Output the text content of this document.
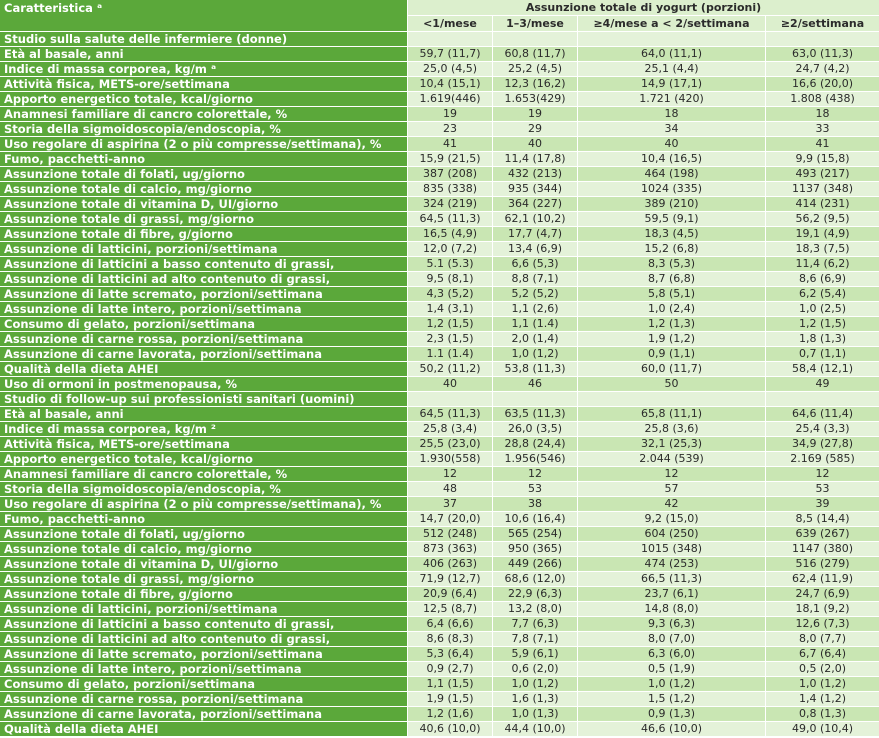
Caratteristica ᵃ	Assunzione totale di yogurt (porzioni)
<1/mese	1–3/mese	≥4/mese a < 2/settimana	≥2/settimana
Studio sulla salute delle infermiere (donne)
Età al basale, anni	59,7 (11,7)	60,8 (11,7)	64,0 (11,1)	63,0 (11,3)
Indice di massa corporea, kg/m ᵃ	25,0 (4,5)	25,2 (4,5)	25,1 (4,4)	24,7 (4,2)
Attività fisica, METS-ore/settimana	10,4 (15,1)	12,3 (16,2)	14,9 (17,1)	16,6 (20,0)
Apporto energetico totale, kcal/giorno	1.619(446)	1.653(429)	1.721 (420)	1.808 (438)
Anamnesi familiare di cancro colorettale, %	19	19	18	18
Storia della sigmoidoscopia/endoscopia, %	23	29	34	33
Uso regolare di aspirina (2 o più compresse/settimana), %	41	40	40	41
Fumo, pacchetti-anno	15,9 (21,5)	11,4 (17,8)	10,4 (16,5)	9,9 (15,8)
Assunzione totale di folati, ug/giorno	387 (208)	432 (213)	464 (198)	493 (217)
Assunzione totale di calcio, mg/giorno	835 (338)	935 (344)	1024 (335)	1137 (348)
Assunzione totale di vitamina D, UI/giorno	324 (219)	364 (227)	389 (210)	414 (231)
Assunzione totale di grassi, mg/giorno	64,5 (11,3)	62,1 (10,2)	59,5 (9,1)	56,2 (9,5)
Assunzione totale di fibre, g/giorno	16,5 (4,9)	17,7 (4,7)	18,3 (4,5)	19,1 (4,9)
Assunzione di latticini, porzioni/settimana	12,0 (7,2)	13,4 (6,9)	15,2 (6,8)	18,3 (7,5)
Assunzione di latticini a basso contenuto di grassi,	5.1 (5.3)	6,6 (5,3)	8,3 (5,3)	11,4 (6,2)
Assunzione di latticini ad alto contenuto di grassi,	9,5 (8,1)	8,8 (7,1)	8,7 (6,8)	8,6 (6,9)
Assunzione di latte scremato, porzioni/settimana	4,3 (5,2)	5,2 (5,2)	5,8 (5,1)	6,2 (5,4)
Assunzione di latte intero, porzioni/settimana	1,4 (3,1)	1,1 (2,6)	1,0 (2,4)	1,0 (2,5)
Consumo di gelato, porzioni/settimana	1,2 (1,5)	1,1 (1.4)	1,2 (1,3)	1,2 (1,5)
Assunzione di carne rossa, porzioni/settimana	2,3 (1,5)	2,0 (1,4)	1,9 (1,2)	1,8 (1,3)
Assunzione di carne lavorata, porzioni/settimana	1.1 (1.4)	1,0 (1,2)	0,9 (1,1)	0,7 (1,1)
Qualità della dieta AHEI	50,2 (11,2)	53,8 (11,3)	60,0 (11,7)	58,4 (12,1)
Uso di ormoni in postmenopausa, %	40	46	50	49
Studio di follow-up sui professionisti sanitari (uomini)
Età al basale, anni	64,5 (11,3)	63,5 (11,3)	65,8 (11,1)	64,6 (11,4)
Indice di massa corporea, kg/m ²	25,8 (3,4)	26,0 (3,5)	25,8 (3,6)	25,4 (3,3)
Attività fisica, METS-ore/settimana	25,5 (23,0)	28,8 (24,4)	32,1 (25,3)	34,9 (27,8)
Apporto energetico totale, kcal/giorno	1.930(558)	1.956(546)	2.044 (539)	2.169 (585)
Anamnesi familiare di cancro colorettale, %	12	12	12	12
Storia della sigmoidoscopia/endoscopia, %	48	53	57	53
Uso regolare di aspirina (2 o più compresse/settimana), %	37	38	42	39
Fumo, pacchetti-anno	14,7 (20,0)	10,6 (16,4)	9,2 (15,0)	8,5 (14,4)
Assunzione totale di folati, ug/giorno	512 (248)	565 (254)	604 (250)	639 (267)
Assunzione totale di calcio, mg/giorno	873 (363)	950 (365)	1015 (348)	1147 (380)
Assunzione totale di vitamina D, UI/giorno	406 (263)	449 (266)	474 (253)	516 (279)
Assunzione totale di grassi, mg/giorno	71,9 (12,7)	68,6 (12,0)	66,5 (11,3)	62,4 (11,9)
Assunzione totale di fibre, g/giorno	20,9 (6,4)	22,9 (6,3)	23,7 (6,1)	24,7 (6,9)
Assunzione di latticini, porzioni/settimana	12,5 (8,7)	13,2 (8,0)	14,8 (8,0)	18,1 (9,2)
Assunzione di latticini a basso contenuto di grassi,	6,4 (6,6)	7,7 (6,3)	9,3 (6,3)	12,6 (7,3)
Assunzione di latticini ad alto contenuto di grassi,	8,6 (8,3)	7,8 (7,1)	8,0 (7,0)	8,0 (7,7)
Assunzione di latte scremato, porzioni/settimana	5,3 (6,4)	5,9 (6,1)	6,3 (6,0)	6,7 (6,4)
Assunzione di latte intero, porzioni/settimana	0,9 (2,7)	0,6 (2,0)	0,5 (1,9)	0,5 (2,0)
Consumo di gelato, porzioni/settimana	1,1 (1,5)	1,0 (1,2)	1,0 (1,2)	1,0 (1,2)
Assunzione di carne rossa, porzioni/settimana	1,9 (1,5)	1,6 (1,3)	1,5 (1,2)	1,4 (1,2)
Assunzione di carne lavorata, porzioni/settimana	1,2 (1,6)	1,0 (1,3)	0,9 (1,3)	0,8 (1,3)
Qualità della dieta AHEI	40,6 (10,0)	44,4 (10,0)	46,6 (10,0)	49,0 (10,4)
